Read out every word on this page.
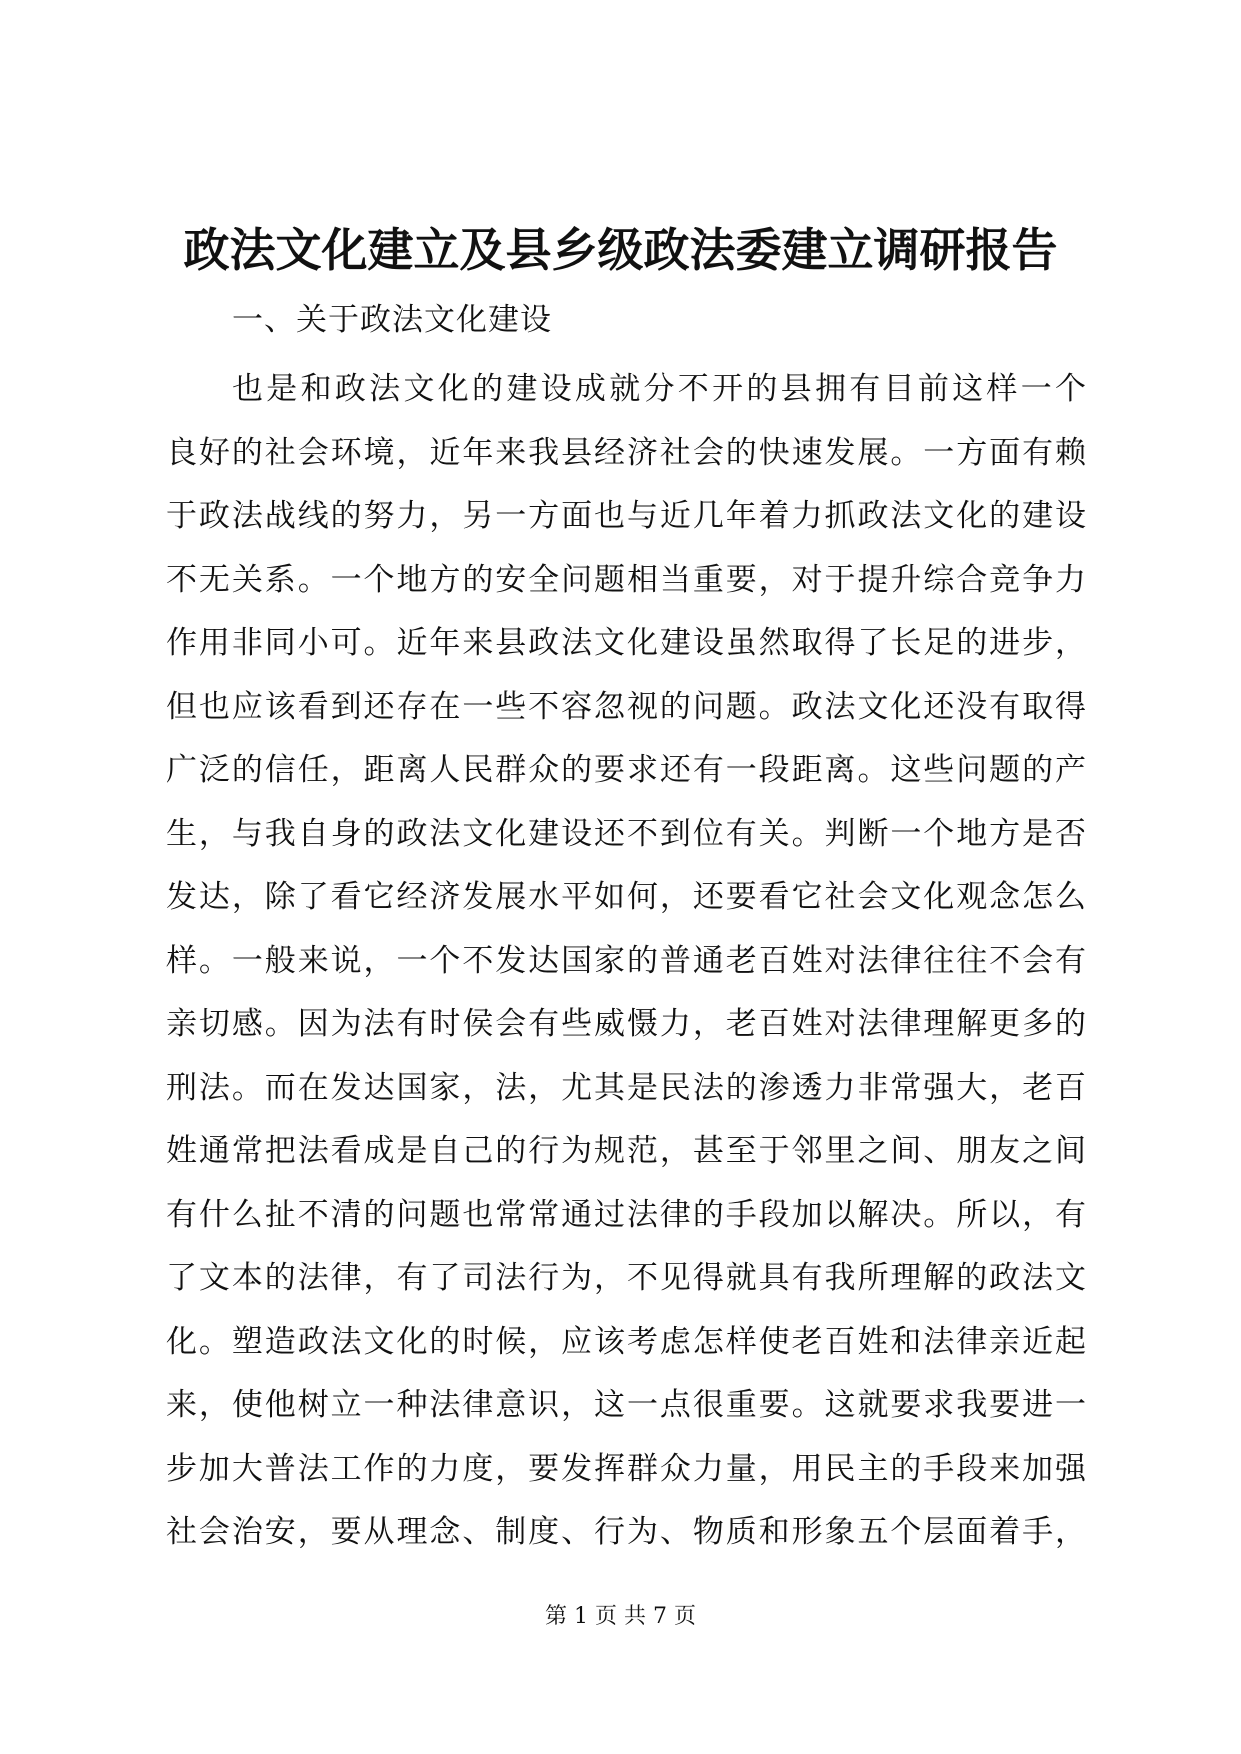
政法文化建立及县乡级政法委建立调研报告
一、关于政法文化建设
也是和政法文化的建设成就分不开的县拥有目前这样一个
良好的社会环境，近年来我县经济社会的快速发展。一方面有赖
于政法战线的努力，另一方面也与近几年着力抓政法文化的建设
不无关系。一个地方的安全问题相当重要，对于提升综合竞争力
作用非同小可。近年来县政法文化建设虽然取得了长足的进步，
但也应该看到还存在一些不容忽视的问题。政法文化还没有取得
广泛的信任，距离人民群众的要求还有一段距离。这些问题的产
生，与我自身的政法文化建设还不到位有关。判断一个地方是否
发达，除了看它经济发展水平如何，还要看它社会文化观念怎么
样。一般来说，一个不发达国家的普通老百姓对法律往往不会有
亲切感。因为法有时侯会有些威慑力，老百姓对法律理解更多的
刑法。而在发达国家，法，尤其是民法的渗透力非常强大，老百
姓通常把法看成是自己的行为规范，甚至于邻里之间、朋友之间
有什么扯不清的问题也常常通过法律的手段加以解决。所以，有
了文本的法律，有了司法行为，不见得就具有我所理解的政法文
化。塑造政法文化的时候，应该考虑怎样使老百姓和法律亲近起
来，使他树立一种法律意识，这一点很重要。这就要求我要进一
步加大普法工作的力度，要发挥群众力量，用民主的手段来加强
社会治安，要从理念、制度、行为、物质和形象五个层面着手，
第 1 页 共 7 页
